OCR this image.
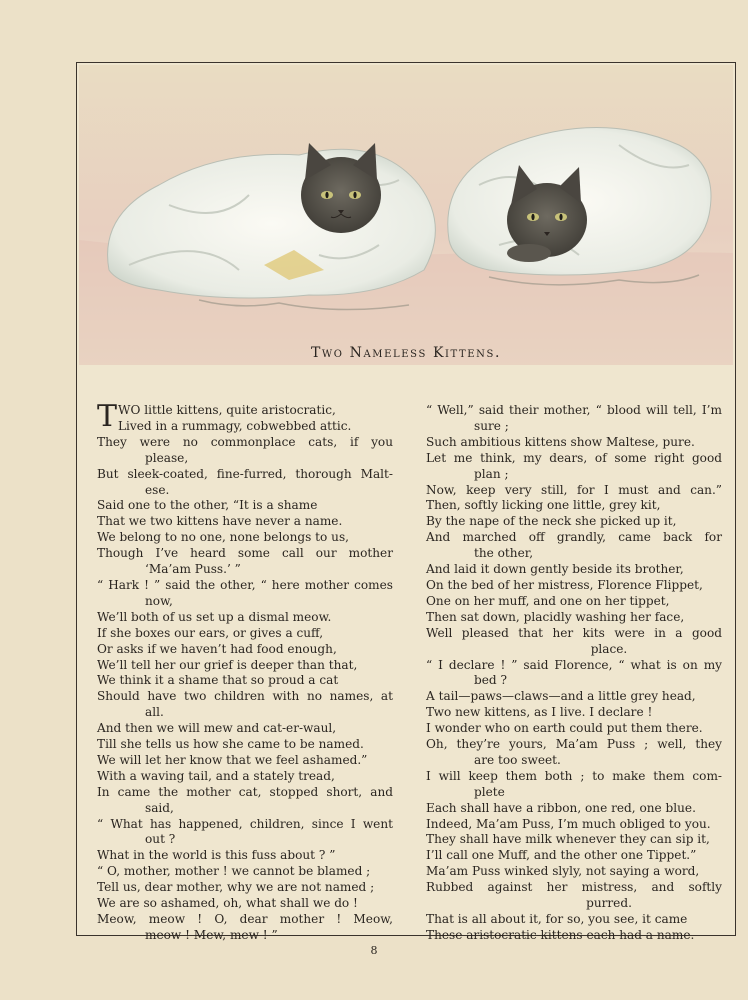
Two Nameless Kittens.
TWO little kittens, quite aristocratic,
Lived in a rummagy, cobwebbed attic.
They were no commonplace cats, if you
please,
But sleek-coated, fine-furred, thorough Malt-
ese.
Said one to the other, “It is a shame
That we two kittens have never a name.
We belong to no one, none belongs to us,
Though I’ve heard some call our mother
‘Ma’am Puss.’ ”
“ Hark ! ” said the other, “ here mother comes
now,
We’ll both of us set up a dismal meow.
If she boxes our ears, or gives a cuff,
Or asks if we haven’t had food enough,
We’ll tell her our grief is deeper than that,
We think it a shame that so proud a cat
Should have two children with no names, at
all.
And then we will mew and cat-er-waul,
Till she tells us how she came to be named.
We will let her know that we feel ashamed.”
With a waving tail, and a stately tread,
In came the mother cat, stopped short, and
said,
“ What has happened, children, since I went
out ?
What in the world is this fuss about ? ”
“ O, mother, mother ! we cannot be blamed ;
Tell us, dear mother, why we are not named ;
We are so ashamed, oh, what shall we do !
Meow, meow ! O, dear mother ! Meow,
meow ! Mew, mew ! ”
“ Well,” said their mother, “ blood will tell, I’m
sure ;
Such ambitious kittens show Maltese, pure.
Let me think, my dears, of some right good
plan ;
Now, keep very still, for I must and can.”
Then, softly licking one little, grey kit,
By the nape of the neck she picked up it,
And marched off grandly, came back for
the other,
And laid it down gently beside its brother,
On the bed of her mistress, Florence Flippet,
One on her muff, and one on her tippet,
Then sat down, placidly washing her face,
Well pleased that her kits were in a good
place.
“ I declare ! ” said Florence, “ what is on my
bed ?
A tail—paws—claws—and a little grey head,
Two new kittens, as I live. I declare !
I wonder who on earth could put them there.
Oh, they’re yours, Ma’am Puss ; well, they
are too sweet.
I will keep them both ; to make them com-
plete
Each shall have a ribbon, one red, one blue.
Indeed, Ma’am Puss, I’m much obliged to you.
They shall have milk whenever they can sip it,
I’ll call one Muff, and the other one Tippet.”
Ma’am Puss winked slyly, not saying a word,
Rubbed against her mistress, and softly
purred.
That is all about it, for so, you see, it came
These aristocratic kittens each had a name.
8
